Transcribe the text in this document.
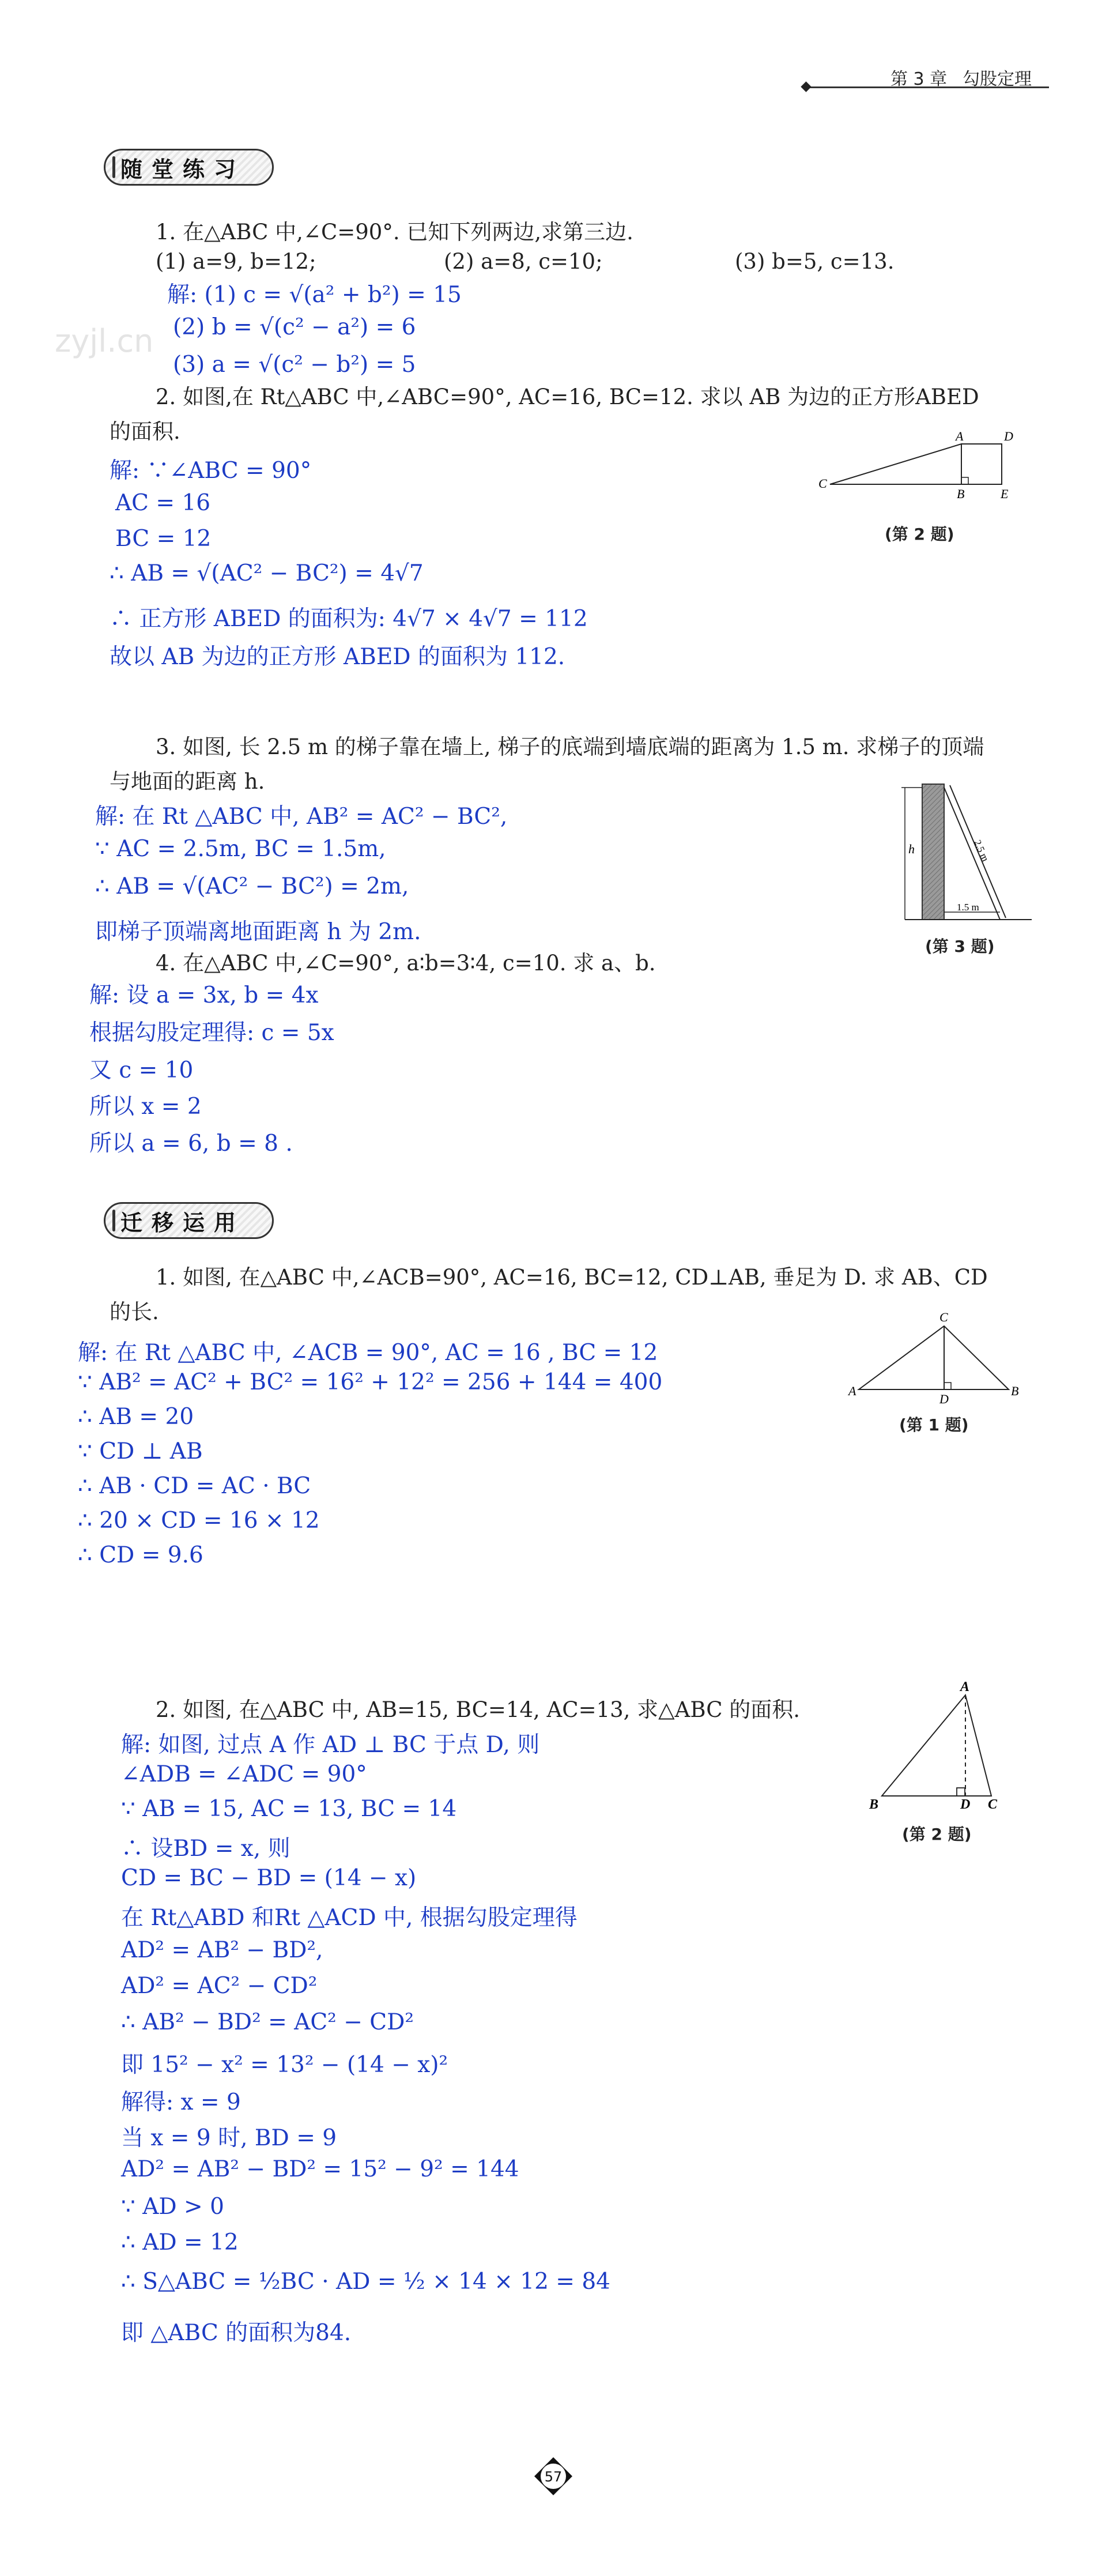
第 3 章 勾股定理
zyjl.cn
随堂练习
1. 在△ABC 中,∠C=90°. 已知下列两边,求第三边.
(1) a=9, b=12;	(2) a=8, c=10;	(3) b=5, c=13.
解: (1) c = √(a² + b²) = 15
(2) b = √(c² − a²) = 6
(3) a = √(c² − b²) = 5
2. 如图,在 Rt△ABC 中,∠ABC=90°, AC=16, BC=12. 求以 AB 为边的正方形ABED
的面积.
解: ∵∠ABC = 90°
AC = 16
BC = 12
∴ AB = √(AC² − BC²) = 4√7
∴ 正方形 ABED 的面积为: 4√7 × 4√7 = 112
故以 AB 为边的正方形 ABED 的面积为 112.
C
A	D
B	E
(第 2 题)
3. 如图, 长 2.5 m 的梯子靠在墙上, 梯子的底端到墙底端的距离为 1.5 m. 求梯子的顶端
与地面的距离 h.
解: 在 Rt △ABC 中, AB² = AC² − BC²,
∵ AC = 2.5m, BC = 1.5m,
∴ AB = √(AC² − BC²) = 2m,
即梯子顶端离地面距离 h 为 2m.
h	2.5 m
1.5 m
(第 3 题)
4. 在△ABC 中,∠C=90°, a∶b=3∶4, c=10. 求 a、b.
解: 设 a = 3x, b = 4x
根据勾股定理得: c = 5x
又 c = 10
所以 x = 2
所以 a = 6, b = 8 .
迁移运用
1. 如图, 在△ABC 中,∠ACB=90°, AC=16, BC=12, CD⊥AB, 垂足为 D. 求 AB、CD
的长.
解: 在 Rt △ABC 中, ∠ACB = 90°, AC = 16 , BC = 12
∵ AB² = AC² + BC² = 16² + 12² = 256 + 144 = 400
∴ AB = 20
∵ CD ⊥ AB
∴ AB · CD = AC · BC
∴ 20 × CD = 16 × 12
∴ CD = 9.6
A	B
C
D
(第 1 题)
2. 如图, 在△ABC 中, AB=15, BC=14, AC=13, 求△ABC 的面积.
解: 如图, 过点 A 作 AD ⊥ BC 于点 D, 则
∠ADB = ∠ADC = 90°
∵ AB = 15, AC = 13, BC = 14
∴ 设BD = x, 则
CD = BC − BD = (14 − x)
在 Rt△ABD 和Rt △ACD 中, 根据勾股定理得
AD² = AB² − BD²,
AD² = AC² − CD²
∴ AB² − BD² = AC² − CD²
即 15² − x² = 13² − (14 − x)²
解得: x = 9
当 x = 9 时, BD = 9
AD² = AB² − BD² = 15² − 9² = 144
∵ AD > 0
∴ AD = 12
∴ S△ABC = ½BC · AD = ½ × 14 × 12 = 84
即 △ABC 的面积为84.
A
B	D C
(第 2 题)
57
